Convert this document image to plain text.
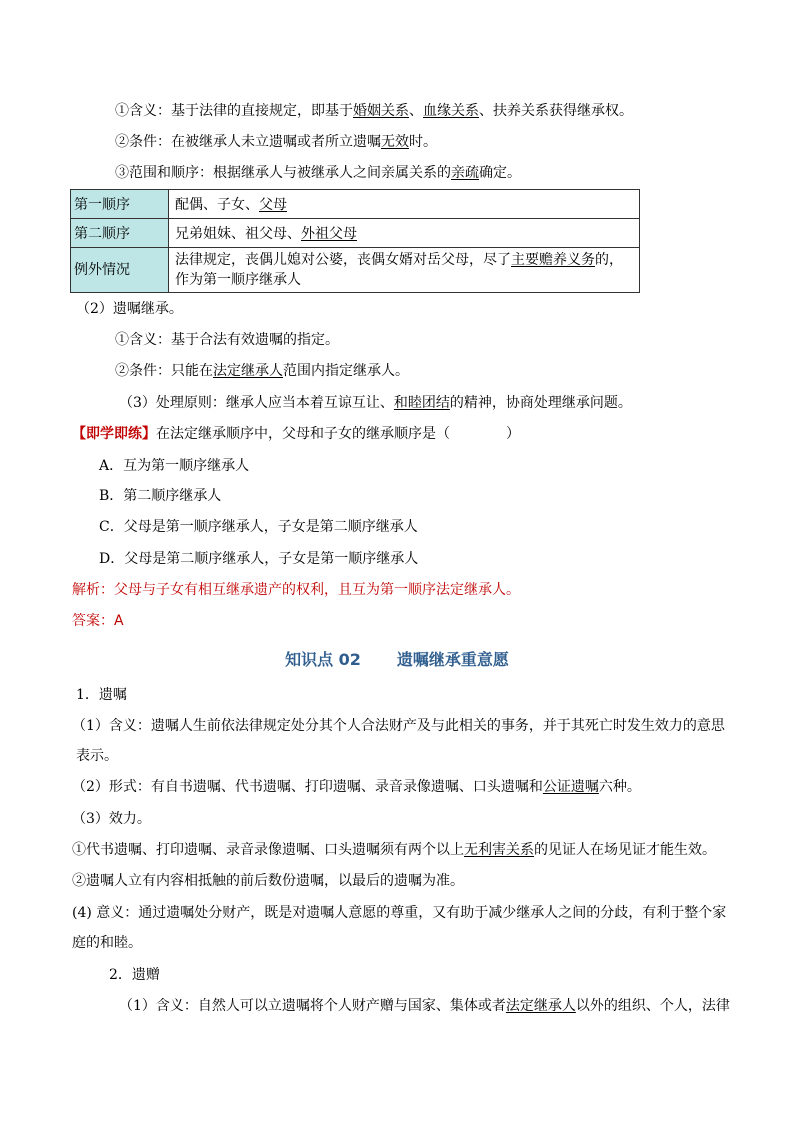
①含义：基于法律的直接规定，即基于婚姻关系、血缘关系、扶养关系获得继承权。
②条件：在被继承人未立遗嘱或者所立遗嘱无效时。
③范围和顺序：根据继承人与被继承人之间亲属关系的亲疏确定。
第一顺序	配偶、子女、父母
第二顺序	兄弟姐妹、祖父母、外祖父母
例外情况	法律规定，丧偶儿媳对公婆，丧偶女婿对岳父母，尽了主要赡养义务的，
作为第一顺序继承人
（2）遗嘱继承。
①含义：基于合法有效遗嘱的指定。
②条件：只能在法定继承人范围内指定继承人。
（3）处理原则：继承人应当本着互谅互让、和睦团结的精神，协商处理继承问题。
【即学即练】在法定继承顺序中，父母和子女的继承顺序是（　　　　）
A．互为第一顺序继承人
B．第二顺序继承人
C．父母是第一顺序继承人，子女是第二顺序继承人
D．父母是第二顺序继承人，子女是第一顺序继承人
解析：父母与子女有相互继承遗产的权利，且互为第一顺序法定继承人。
答案：A
知识点 02 遗嘱继承重意愿
1．遗嘱
（1）含义：遗嘱人生前依法律规定处分其个人合法财产及与此相关的事务，并于其死亡时发生效力的意思
表示。
（2）形式：有自书遗嘱、代书遗嘱、打印遗嘱、录音录像遗嘱、口头遗嘱和公证遗嘱六种。
（3）效力。
①代书遗嘱、打印遗嘱、录音录像遗嘱、口头遗嘱须有两个以上无利害关系的见证人在场见证才能生效。
②遗嘱人立有内容相抵触的前后数份遗嘱，以最后的遗嘱为准。
(4) 意义：通过遗嘱处分财产，既是对遗嘱人意愿的尊重，又有助于减少继承人之间的分歧，有利于整个家
庭的和睦。
2．遗赠
（1）含义：自然人可以立遗嘱将个人财产赠与国家、集体或者法定继承人以外的组织、个人，法律
